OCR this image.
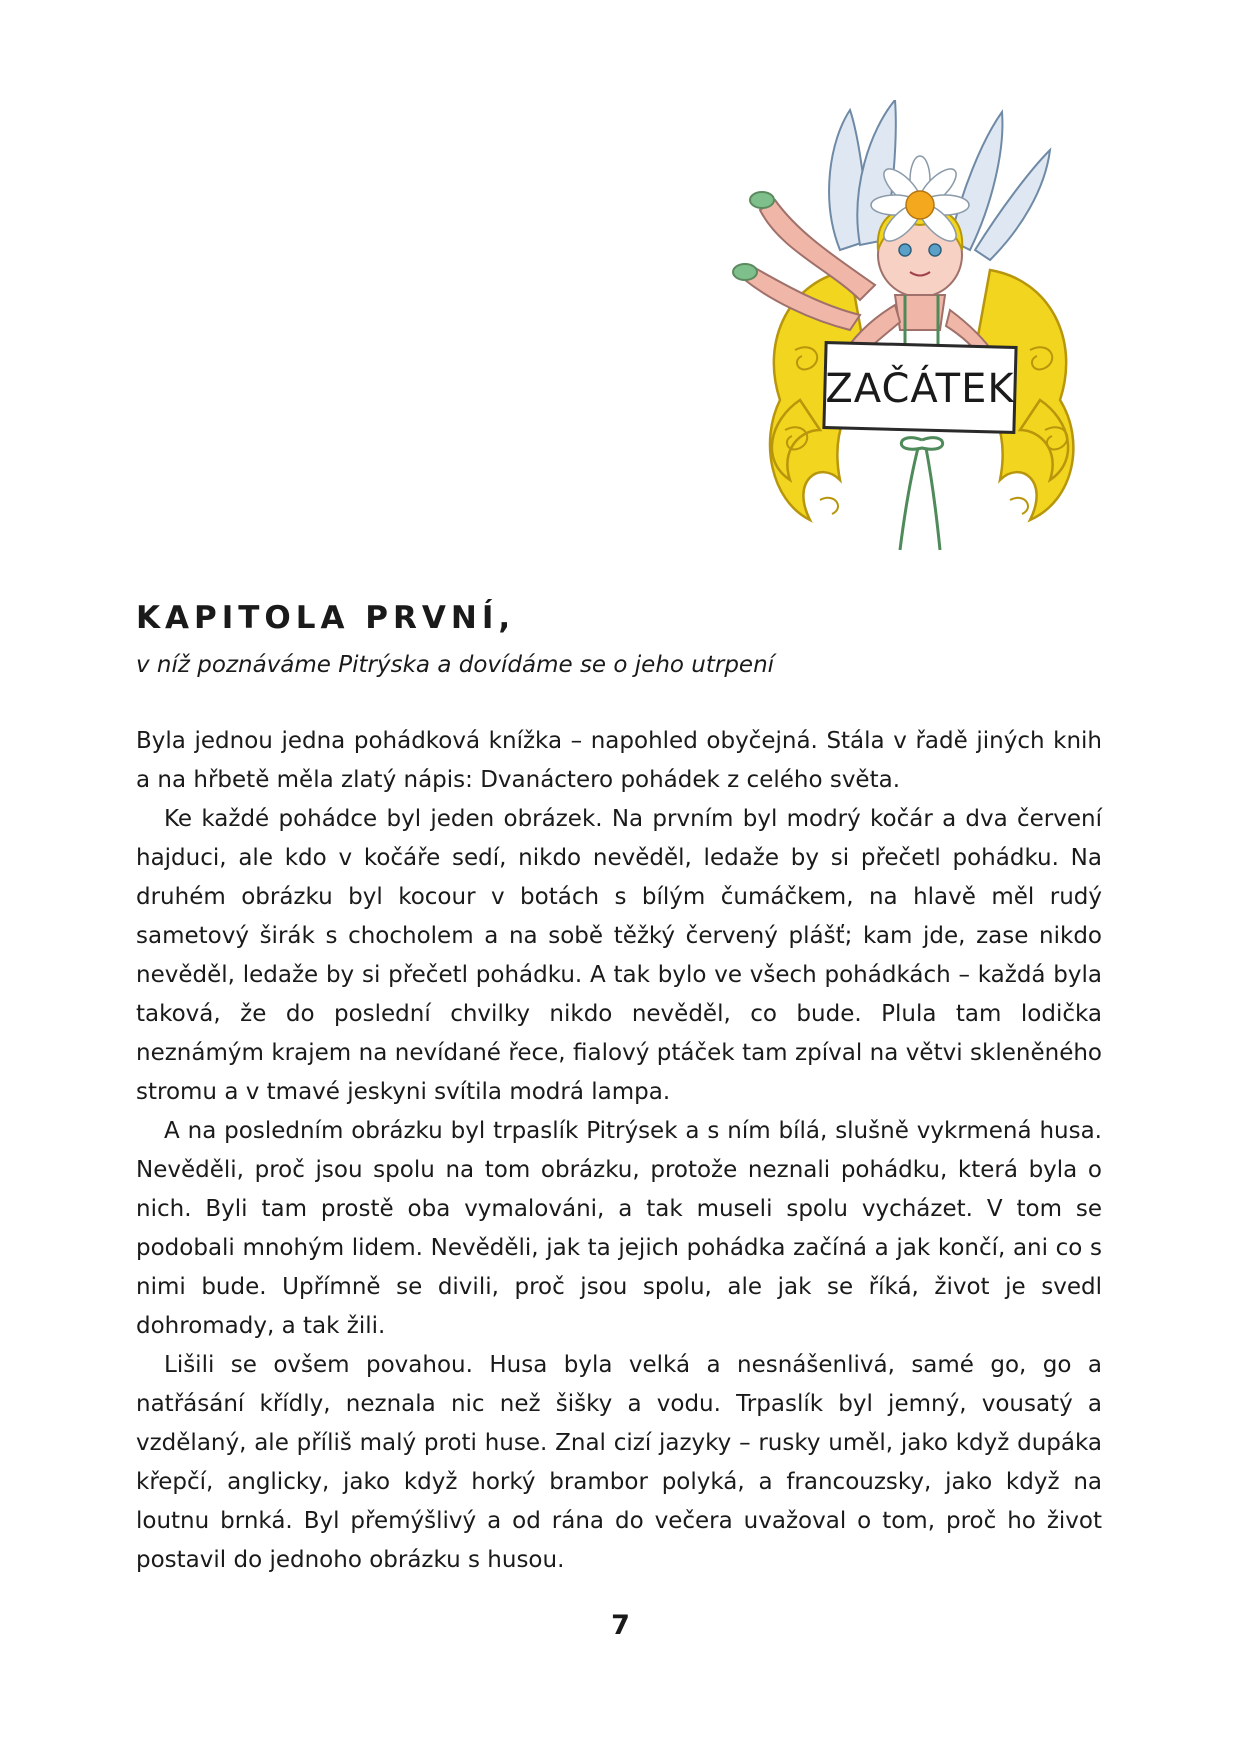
ZAČÁTEK
KAPITOLA PRVNÍ,

v níž poznáváme Pitrýska a dovídáme se o jeho utrpení

Byla jednou jedna pohádková knížka – napohled obyčejná. Stála v řadě jiných knih a na hřbetě měla zlatý nápis: Dvanáctero pohádek z celého světa.

Ke každé pohádce byl jeden obrázek. Na prvním byl modrý kočár a dva červení hajduci, ale kdo v kočáře sedí, nikdo nevěděl, ledaže by si přečetl pohádku. Na druhém obrázku byl kocour v botách s bílým čumáčkem, na hlavě měl rudý sametový širák s chocholem a na sobě těžký červený plášť; kam jde, zase nikdo nevěděl, ledaže by si přečetl pohádku. A tak bylo ve všech pohádkách – každá byla taková, že do poslední chvilky nikdo nevěděl, co bude. Plula tam lodička neznámým krajem na nevídané řece, fialový ptáček tam zpíval na větvi skleněného stromu a v tmavé jeskyni svítila modrá lampa.

A na posledním obrázku byl trpaslík Pitrýsek a s ním bílá, slušně vykrmená husa. Nevěděli, proč jsou spolu na tom obrázku, protože neznali pohádku, která byla o nich. Byli tam prostě oba vymalováni, a tak museli spolu vycházet. V tom se podobali mnohým lidem. Nevěděli, jak ta jejich pohádka začíná a jak končí, ani co s nimi bude. Upřímně se divili, proč jsou spolu, ale jak se říká, život je svedl dohromady, a tak žili.

Lišili se ovšem povahou. Husa byla velká a nesnášenlivá, samé go, go a natřásání křídly, neznala nic než šišky a vodu. Trpaslík byl jemný, vousatý a vzdělaný, ale příliš malý proti huse. Znal cizí jazyky – rusky uměl, jako když dupáka křepčí, anglicky, jako když horký brambor polyká, a francouzsky, jako když na loutnu brnká. Byl přemýšlivý a od rána do večera uvažoval o tom, proč ho život postavil do jednoho obrázku s husou.

7
